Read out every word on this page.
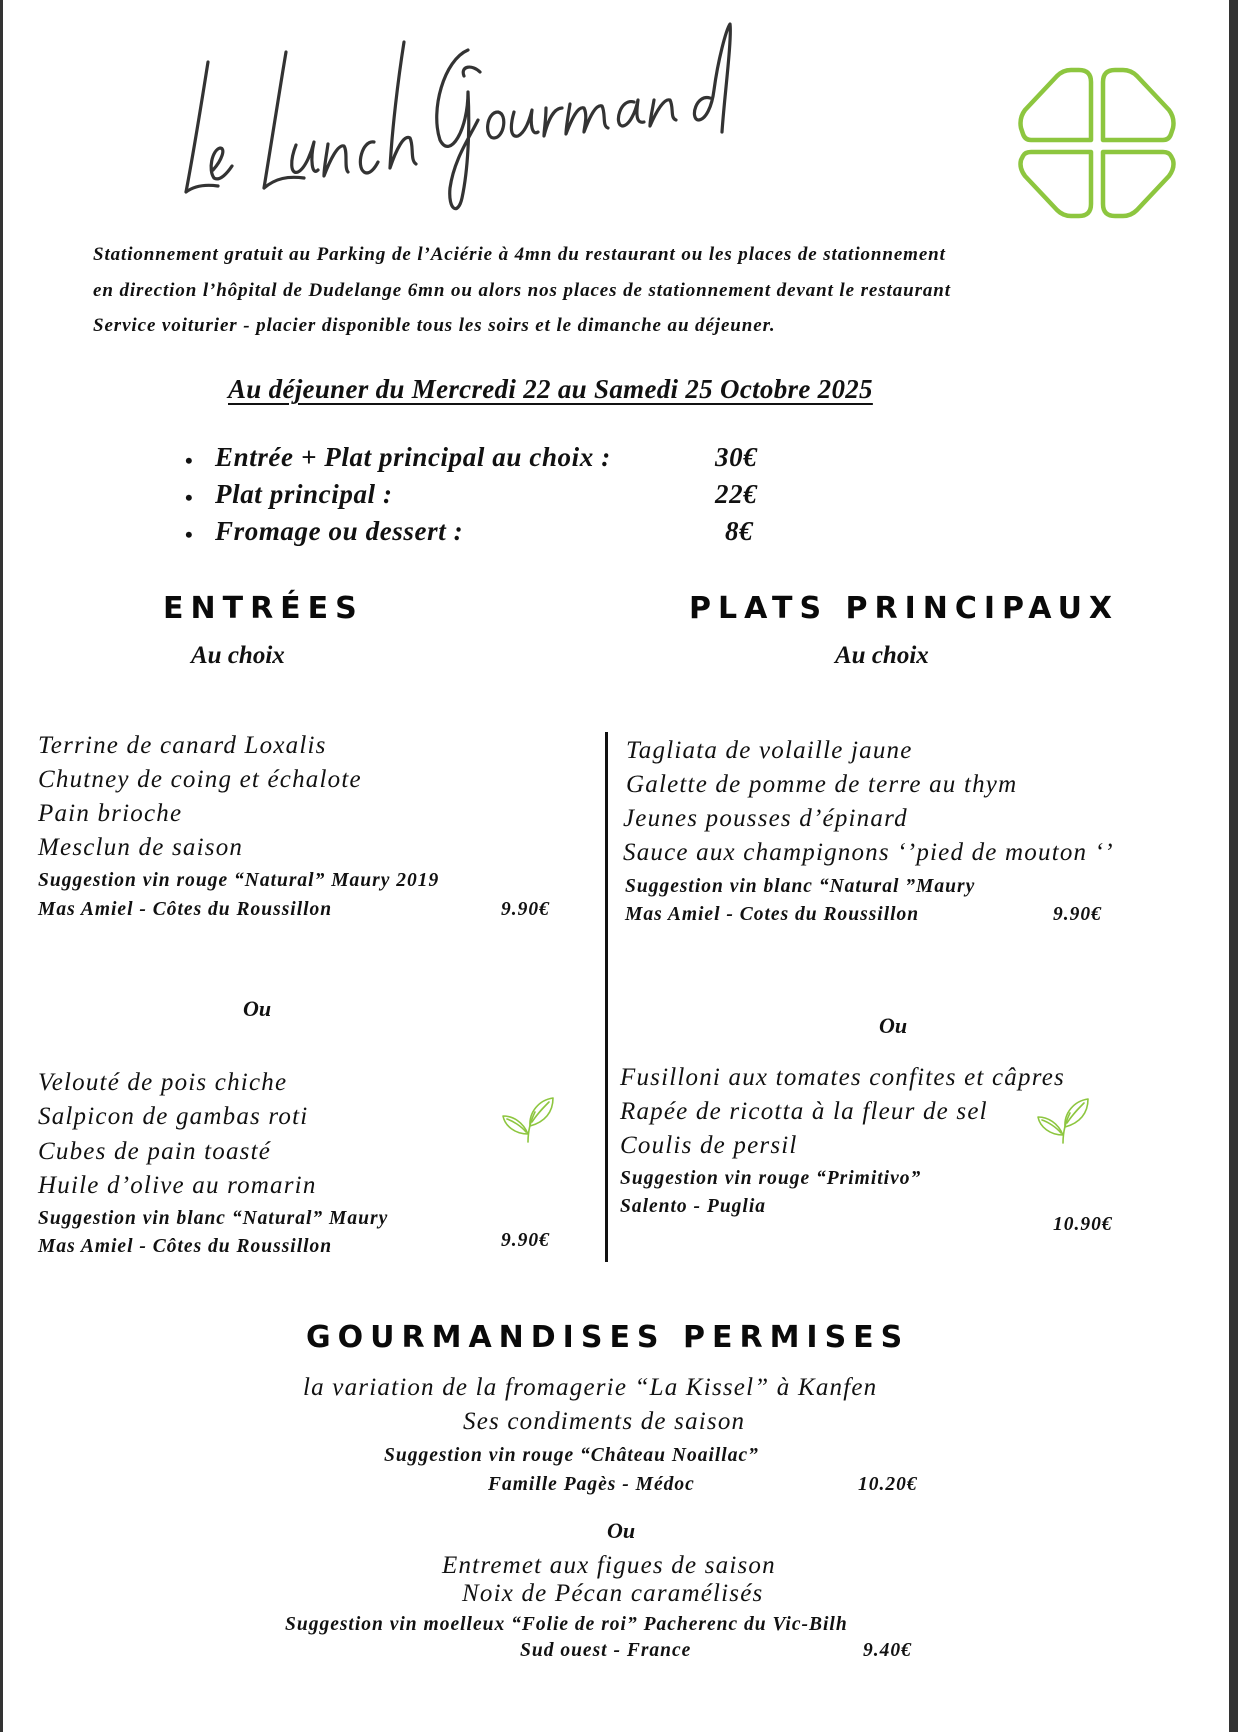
Stationnement gratuit au Parking de l’Aciérie à 4mn du restaurant ou les places de stationnement
en direction l’hôpital de Dudelange 6mn ou alors nos places de stationnement devant le restaurant
Service voiturier - placier disponible tous les soirs et le dimanche au déjeuner.
Au déjeuner du Mercredi 22 au Samedi 25 Octobre 2025
• Entrée + Plat principal au choix :	30€
• Plat principal :	22€
• Fromage ou dessert :	8€
ENTRÉES
Au choix
PLATS PRINCIPAUX
Au choix
Terrine de canard Loxalis
Chutney de coing et échalote
Pain brioche
Mesclun de saison
Suggestion vin rouge “Natural” Maury 2019
Mas Amiel - Côtes du Roussillon	9.90€
Ou
Velouté de pois chiche
Salpicon de gambas roti
Cubes de pain toasté
Huile d’olive au romarin
Suggestion vin blanc “Natural” Maury
Mas Amiel - Côtes du Roussillon	9.90€
Tagliata de volaille jaune
Galette de pomme de terre au thym
Jeunes pousses d’épinard
Sauce aux champignons ‘’pied de mouton ‘’
Suggestion vin blanc “Natural ”Maury
Mas Amiel - Cotes du Roussillon	9.90€
Ou
Fusilloni aux tomates confites et câpres
Rapée de ricotta à la fleur de sel
Coulis de persil
Suggestion vin rouge “Primitivo”
Salento - Puglia
10.90€
GOURMANDISES PERMISES
la variation de la fromagerie “La Kissel” à Kanfen
Ses condiments de saison
Suggestion vin rouge “Château Noaillac”
Famille Pagès - Médoc	10.20€
Ou
Entremet aux figues de saison
Noix de Pécan caramélisés
Suggestion vin moelleux “Folie de roi” Pacherenc du Vic-Bilh
Sud ouest - France	9.40€
